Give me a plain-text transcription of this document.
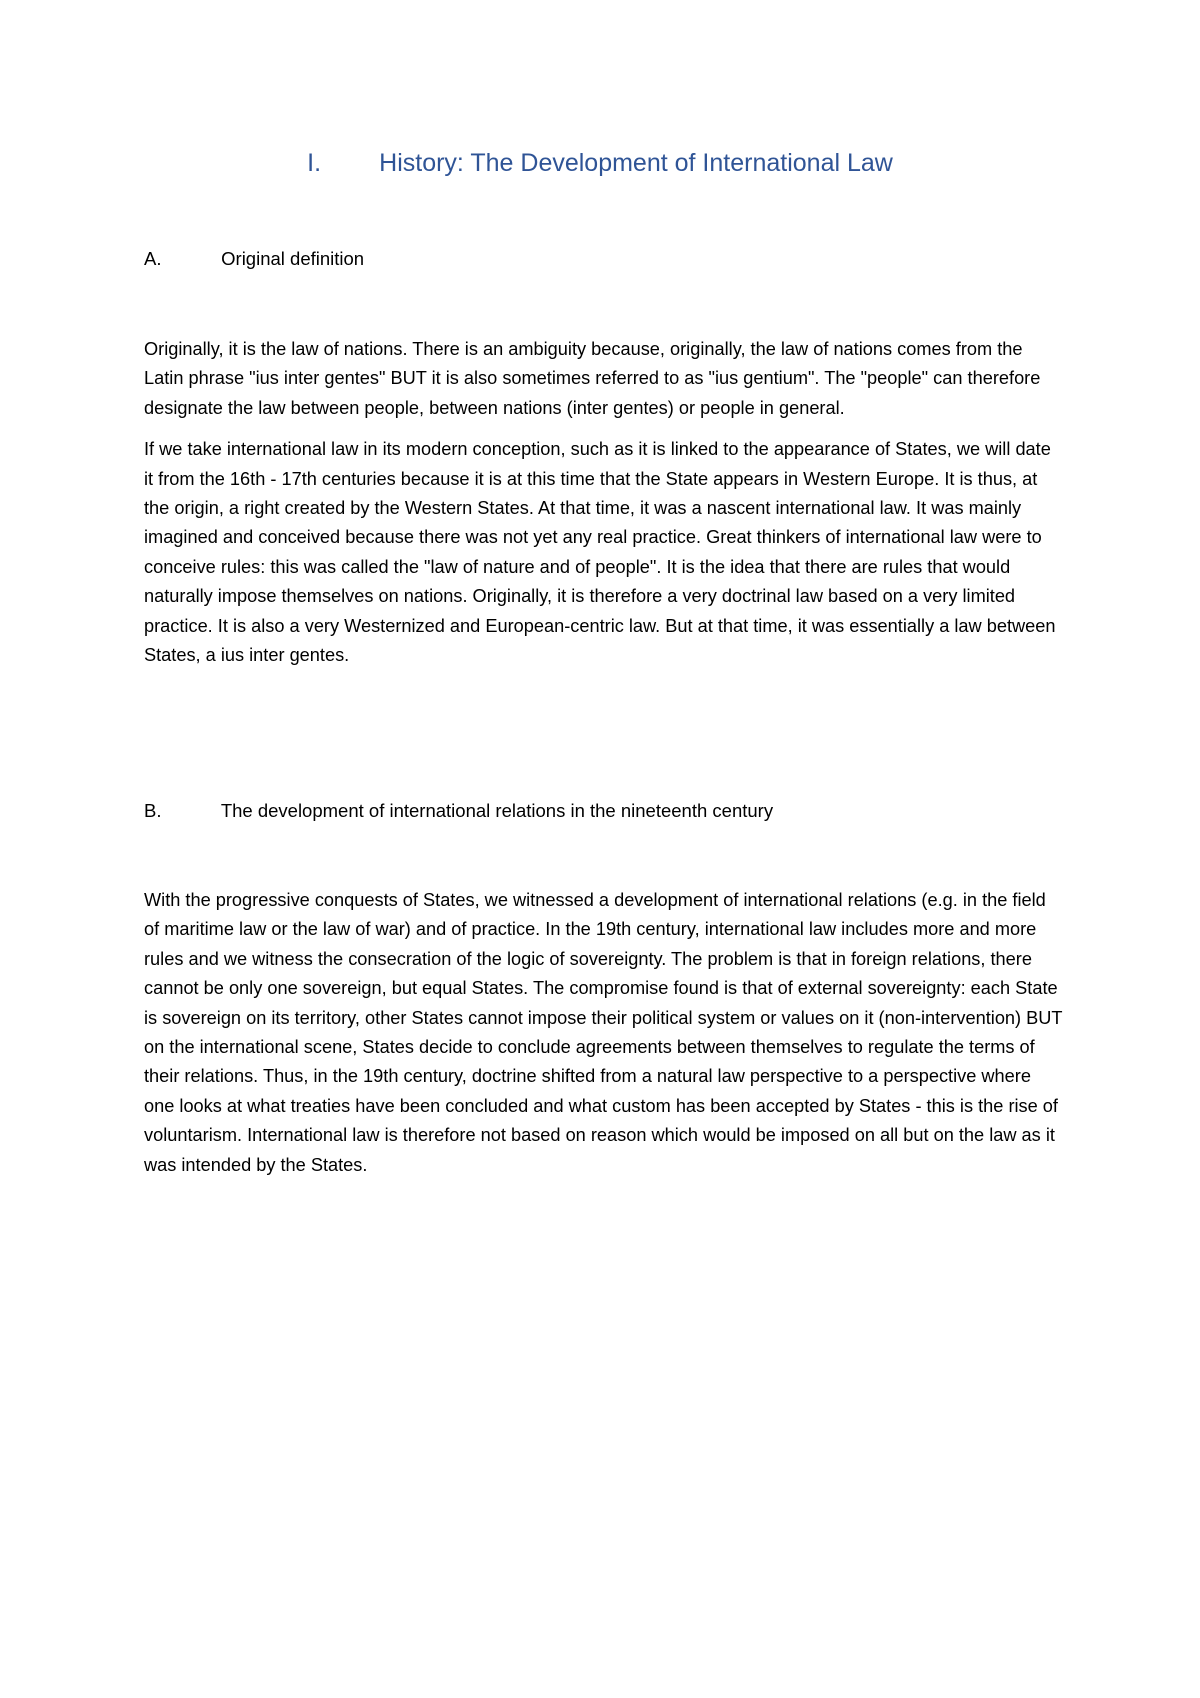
I.	History: The Development of International Law
A.	Original definition

Originally, it is the law of nations. There is an ambiguity because, originally, the law of nations comes from the Latin phrase "ius inter gentes" BUT it is also sometimes referred to as "ius gentium". The "people" can therefore designate the law between people, between nations (inter gentes) or people in general.

If we take international law in its modern conception, such as it is linked to the appearance of States, we will date it from the 16th - 17th centuries because it is at this time that the State appears in Western Europe. It is thus, at the origin, a right created by the Western States. At that time, it was a nascent international law. It was mainly imagined and conceived because there was not yet any real practice. Great thinkers of international law were to conceive rules: this was called the "law of nature and of people". It is the idea that there are rules that would naturally impose themselves on nations. Originally, it is therefore a very doctrinal law based on a very limited practice. It is also a very Westernized and European-centric law. But at that time, it was essentially a law between States, a ius inter gentes.

B.	The development of international relations in the nineteenth century

With the progressive conquests of States, we witnessed a development of international relations (e.g. in the field of maritime law or the law of war) and of practice. In the 19th century, international law includes more and more rules and we witness the consecration of the logic of sovereignty. The problem is that in foreign relations, there cannot be only one sovereign, but equal States. The compromise found is that of external sovereignty: each State is sovereign on its territory, other States cannot impose their political system or values on it (non-intervention) BUT on the international scene, States decide to conclude agreements between themselves to regulate the terms of their relations. Thus, in the 19th century, doctrine shifted from a natural law perspective to a perspective where one looks at what treaties have been concluded and what custom has been accepted by States - this is the rise of voluntarism. International law is therefore not based on reason which would be imposed on all but on the law as it was intended by the States.
